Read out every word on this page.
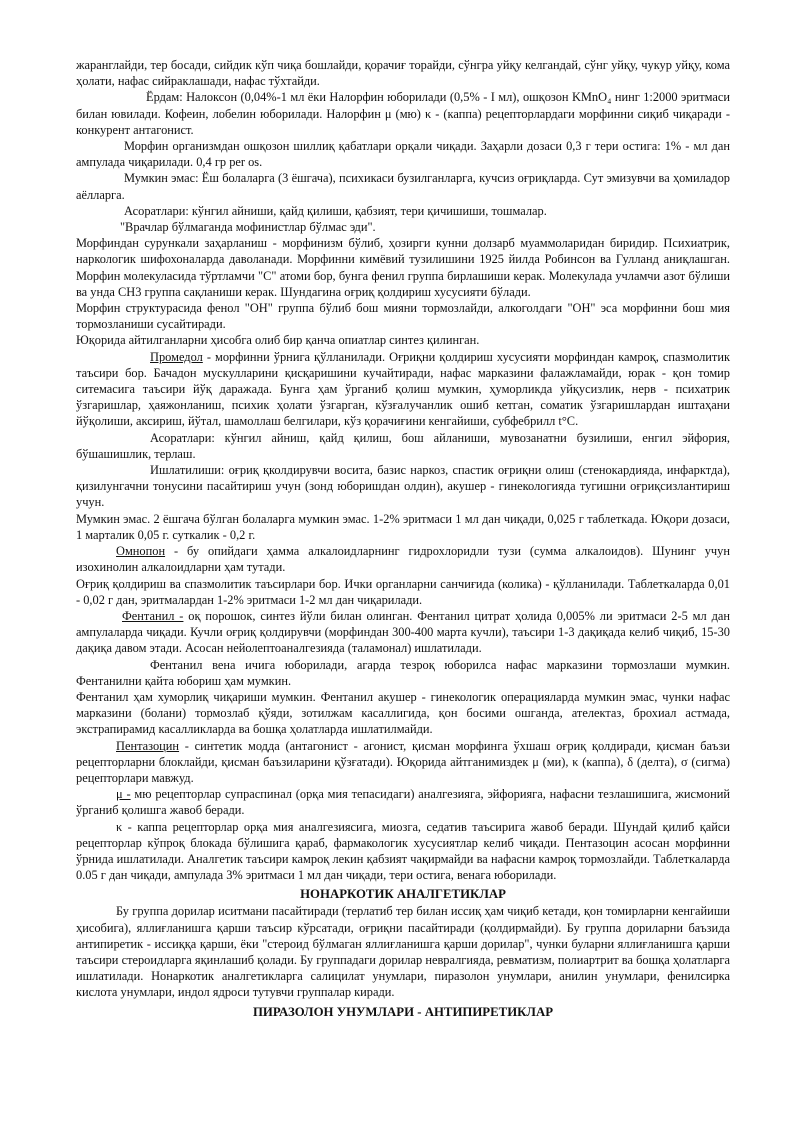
жаранглайди, тер босади, сийдик кўп чиқа бошлайди, қорачиғ торайди, сўнгра уйқу келгандай, сўнг уйқу, чукур уйқу, кома ҳолати, нафас сийраклашади, нафас тўхтайди.

Ёрдам: Налоксон (0,04%-1 мл ёки Налорфин юборилади (0,5% - I мл), ошқозон KMnO₄ нинг 1:2000 эритмаси билан ювилади. Кофеин, лобелин юборилади. Налорфин μ (мю) κ - (каппа) рецепторлардаги морфинни сиқиб чиқаради - конкурент антагонист.

Морфин организмдан ошқозон шиллиқ қабатлари орқали чиқади. Заҳарли дозаси 0,3 г тери остига: 1% - мл дан ампулада чиқарилади. 0,4 гр per os.

Мумкин эмас: Ёш болаларга (3 ёшгача), психикаси бузилганларга, кучсиз оғриқларда. Сут эмизувчи ва ҳомиладор аёлларга.

Асоратлари: кўнгил айниши, қайд қилиши, қабзият, тери қичишиши, тошмалар.

"Врачлар бўлмаганда мофинистлар бўлмас эди".

Морфиндан сурункали заҳарланиш - морфинизм бўлиб, ҳозирги кунни долзарб муаммоларидан биридир. Психиатрик, наркологик шифохоналарда даволанади. Морфинни кимёвий тузилишини 1925 йилда Робинсон ва Гулланд аниқлашган. Морфин молекуласида тўртламчи "С" атоми бор, бунга фенил группа бирлашиши керак. Молекулада учламчи азот бўлиши ва унда СН3 группа сақланиши керак. Шундагина оғриқ қолдириш хусусияти бўлади.

Морфин структурасида фенол "ОН" группа бўлиб бош мияни тормозлайди, алкоголдаги "ОН" эса морфинни бош мия тормозланиши сусайтиради.

Юқорида айтилганларни ҳисобга олиб бир қанча опиатлар синтез қилинган.

Промедол - морфинни ўрнига қўлланилади. Оғриқни қолдириш хусусияти морфиндан камроқ, спазмолитик таъсири бор. Бачадон мускулларини қисқаришини кучайтиради, нафас марказини фалажламайди, юрак - қон томир ситемасига таъсири йўқ даражада. Бунга ҳам ўрганиб қолиш мумкин, ҳуморликда уйқусизлик, нерв - психатрик ўзгаришлар, ҳаяжонланиш, психик ҳолати ўзгарган, кўзғалучанлик ошиб кетган, соматик ўзгаришлардан иштаҳани йўқолиши, аксириш, йўтал, шамоллаш белгилари, кўз қорачиғини кенгайиши, субфебрилл t°С.

Асоратлари: кўнгил айниш, қайд қилиш, бош айланиши, мувозанатни бузилиши, енгил эйфория, бўшашишлик, терлаш.

Ишлатилиши: оғриқ қколдирувчи восита, базис наркоз, спастик оғриқни олиш (стенокардияда, инфарктда), қизилунгачни тонусини пасайтириш учун (зонд юборишдан олдин), акушер - гинекологияда тугишни оғриқсизлантириш учун.

Мумкин эмас. 2 ёшгача бўлган болаларга мумкин эмас. 1-2% эритмаси 1 мл дан чиқади, 0,025 г таблеткада. Юқори дозаси, 1 марталик 0,05 г. суткалик - 0,2 г.

Омнопон - бу опийдаги ҳамма алкалоидларнинг гидрохлоридли тузи (сумма алкалоидов). Шунинг учун изохинолин алкалоидларни ҳам тутади.

Оғриқ қолдириш ва спазмолитик таъсирлари бор. Ички органларни санчиғида (колика) - қўлланилади. Таблеткаларда 0,01 - 0,02 г дан, эритмалардан 1-2% эритмаси 1-2 мл дан чиқарилади.

Фентанил - оқ порошок, синтез йўли билан олинган. Фентанил цитрат ҳолида 0,005% ли эритмаси 2-5 мл дан ампулаларда чиқади. Кучли оғриқ қолдирувчи (морфиндан 300-400 марта кучли), таъсири 1-3 дақиқада келиб чиқиб, 15-30 дақиқа давом этади. Асосан нейолептоаналгезияда (таламонал) ишлатилади.

Фентанил вена ичига юборилади, агарда тезроқ юборилса нафас марказини тормозлаши мумкин. Фентанилни қайта юбориш ҳам мумкин.

Фентанил ҳам хуморлиқ чиқариши мумкин. Фентанил акушер - гинекологик операцияларда мумкин эмас, чунки нафас марказини (болани) тормозлаб қўяди, зотилжам касаллигида, қон босими ошганда, ателектаз, брохиал астмада, экстрапирамид касалликларда ва бошқа ҳолатларда ишлатилмайди.

Пентазоцин - синтетик модда (антагонист - агонист, қисман морфинга ўхшаш оғриқ қолдиради, қисман баъзи рецепторларни блоклайди, қисман баъзиларини қўзғатади). Юқорида айтганимиздек μ (ми), κ (каппа), δ (делта), σ (сигма) рецепторлари мавжуд.

μ - мю рецепторлар супраспинал (орқа мия тепасидаги) аналгезияга, эйфорияга, нафасни тезлашишига, жисмоний ўрганиб қолишга жавоб беради.

κ - каппа рецепторлар орқа мия аналгезиясига, миозга, седатив таъсирига жавоб беради. Шундай қилиб қайси рецепторлар кўпроқ блокада бўлишига қараб, фармакологик хусусиятлар келиб чиқади. Пентазоцин асосан морфинни ўрнида ишлатилади. Аналгетик таъсири камроқ лекин қабзият чақирмайди ва нафасни камроқ тормозлайди. Таблеткаларда 0.05 г дан чиқади, ампулада 3% эритмаси 1 мл дан чиқади, тери остига, венага юборилади.

НОНАРКОТИК АНАЛГЕТИКЛАР

Бу группа дорилар иситмани пасайтиради (терлатиб тер билан иссиқ ҳам чиқиб кетади, қон томирларни кенгайиши ҳисобига), яллиғланишга қарши таъсир кўрсатади, оғриқни пасайтиради (қолдирмайди). Бу группа дориларни баъзида антипиретик - иссиққа қарши, ёки "стероид бўлмаган яллиғланишга қарши дорилар", чунки буларни яллиғланишга қарши таъсири стероидларга яқинлашиб қолади. Бу группадаги дорилар невралгияда, ревматизм, полиартрит ва бошқа ҳолатларга ишлатилади. Нонаркотик аналгетикларга салицилат унумлари, пиразолон унумлари, анилин унумлари, фенилсирка кислота унумлари, индол ядроси тутувчи группалар киради.

ПИРАЗОЛОН УНУМЛАРИ - АНТИПИРЕТИКЛАР
